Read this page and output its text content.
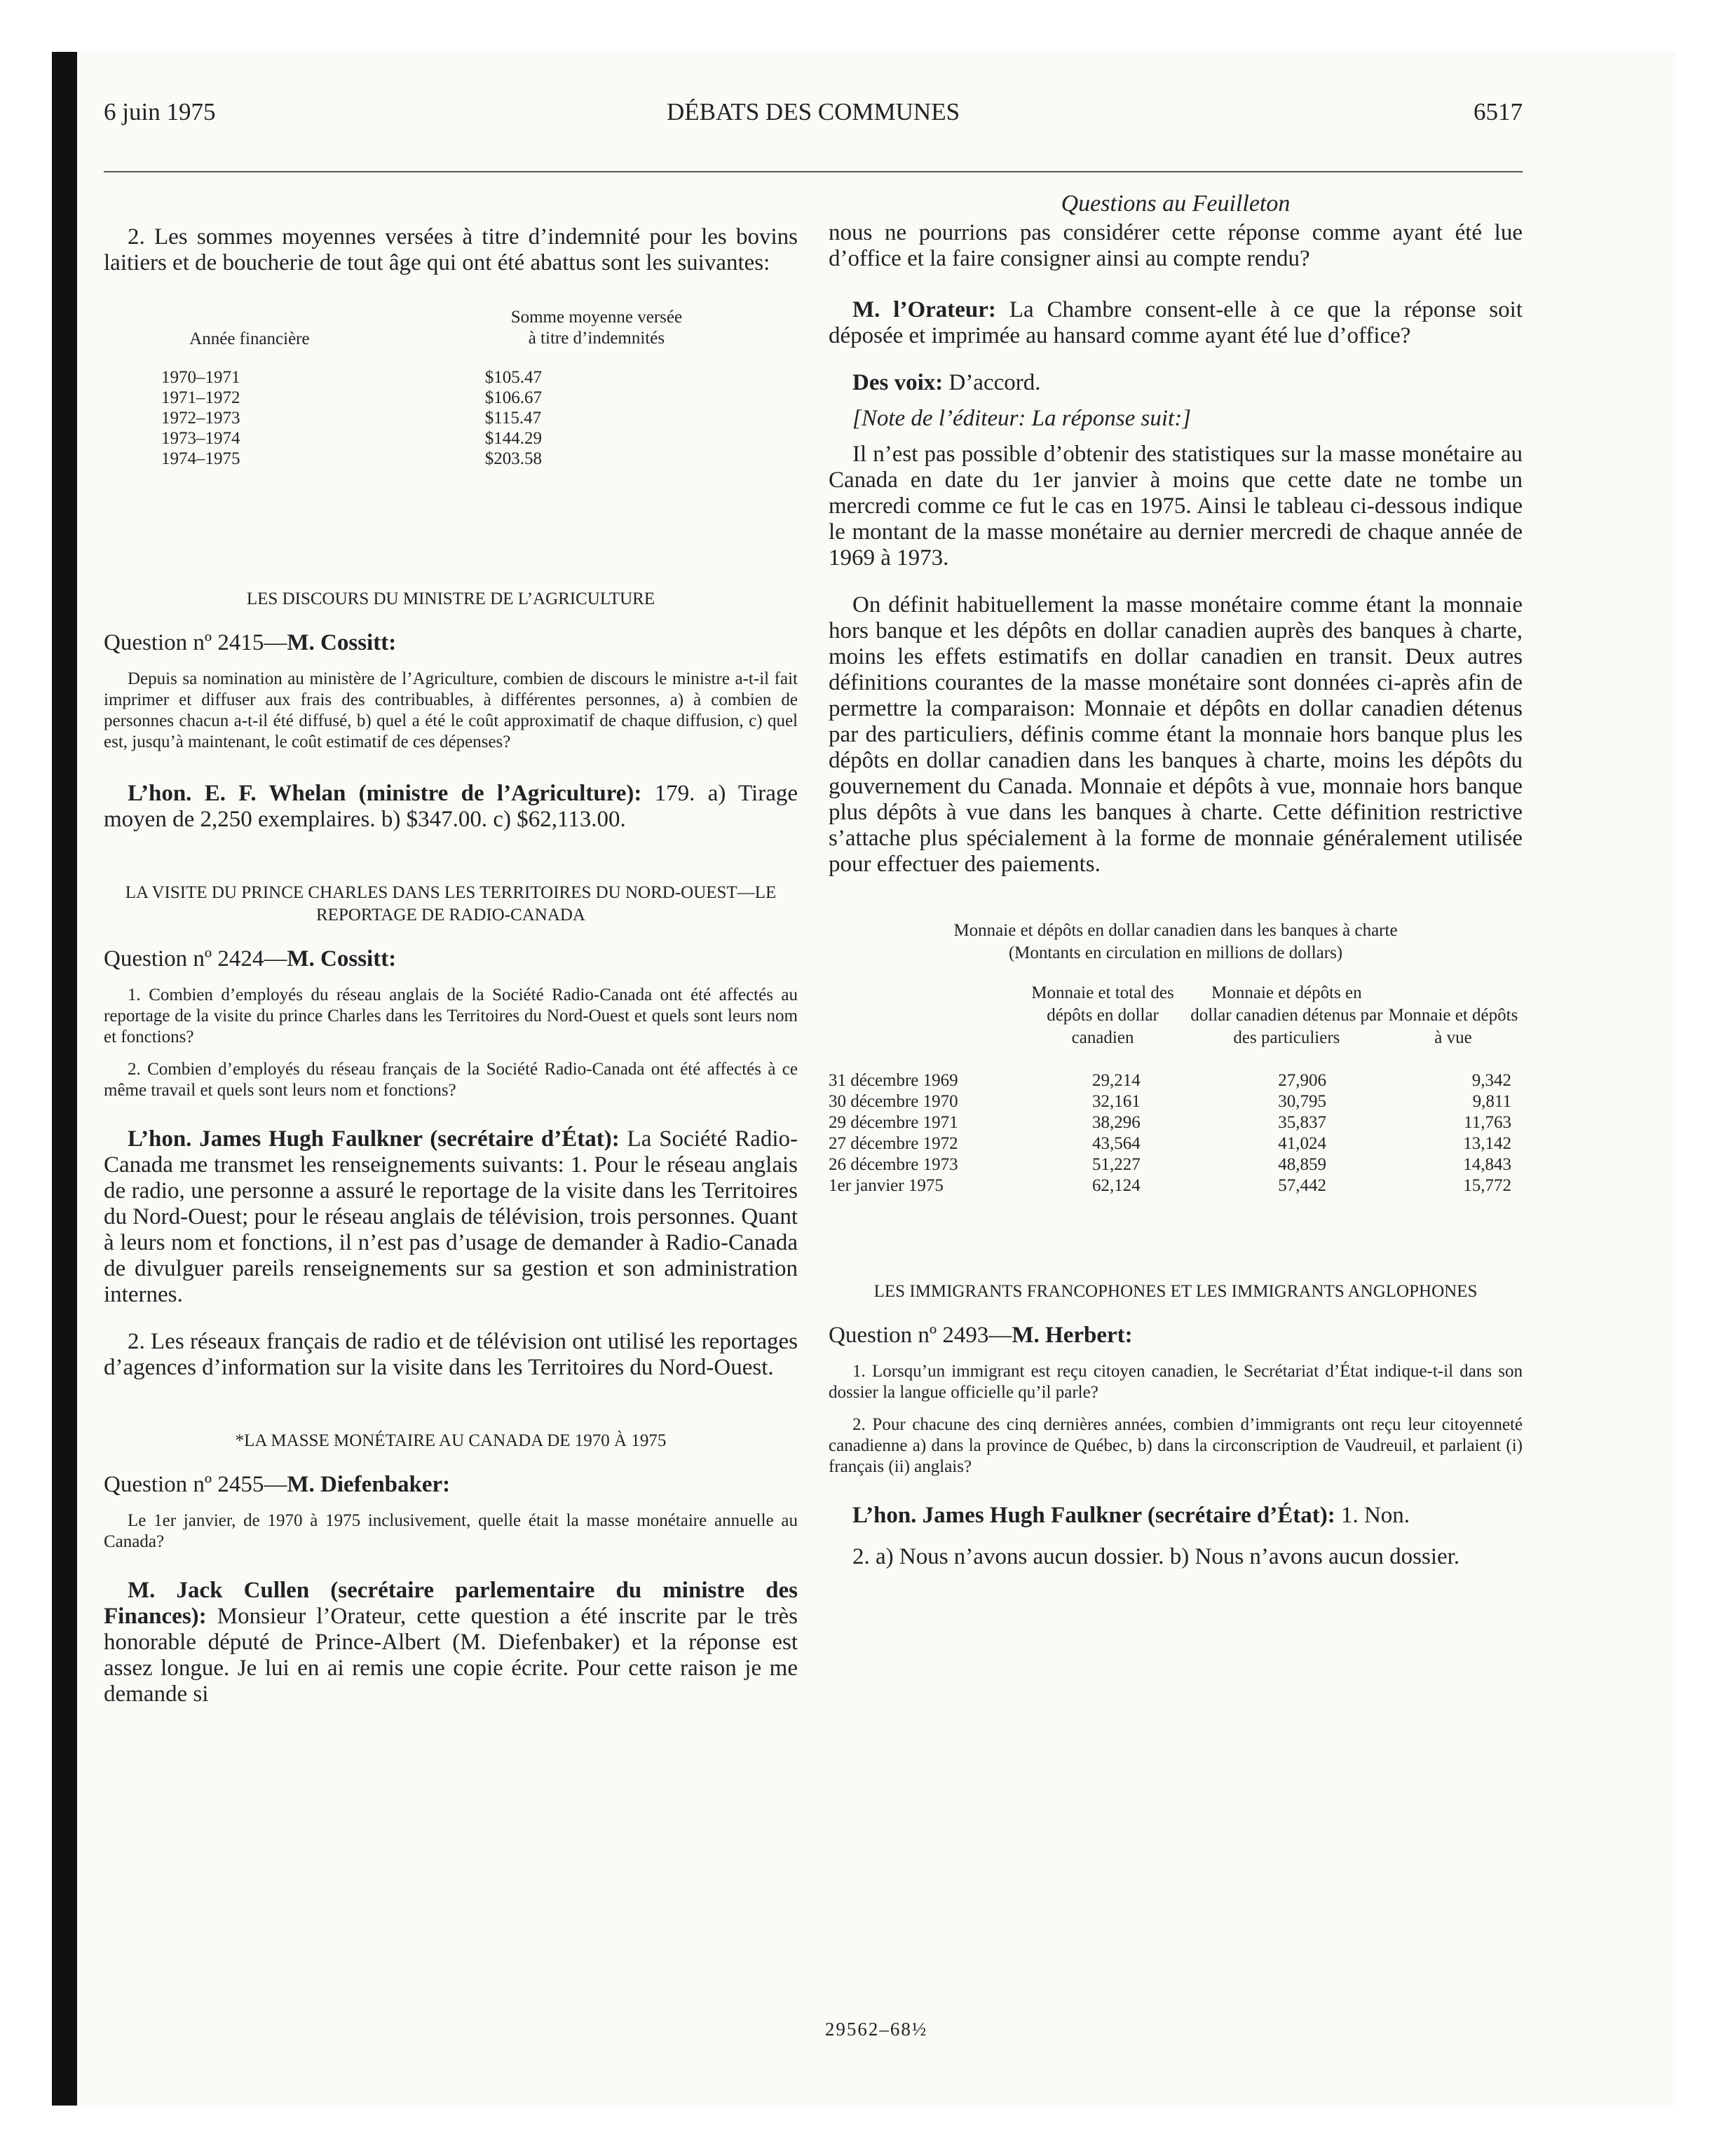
6 juin 1975	DÉBATS DES COMMUNES	6517

2. Les sommes moyennes versées à titre d’indemnité pour les bovins laitiers et de boucherie de tout âge qui ont été abattus sont les suivantes:

Année financière	
Somme moyenne versée
à titre d’indemnités
1970–1971	$105.47
1971–1972	$106.67
1972–1973	$115.47
1973–1974	$144.29
1974–1975	$203.58
LES DISCOURS DU MINISTRE DE L’AGRICULTURE
Question nº 2415—M. Cossitt:

Depuis sa nomination au ministère de l’Agriculture, combien de discours le ministre a-t-il fait imprimer et diffuser aux frais des contribuables, à différentes personnes, a) à combien de personnes chacun a-t-il été diffusé, b) quel a été le coût approximatif de chaque diffusion, c) quel est, jusqu’à maintenant, le coût estimatif de ces dépenses?

L’hon. E. F. Whelan (ministre de l’Agriculture): 179. a) Tirage moyen de 2,250 exemplaires. b) $347.00. c) $62,113.00.

LA VISITE DU PRINCE CHARLES DANS LES TERRITOIRES DU NORD-OUEST—LE REPORTAGE DE RADIO-CANADA
Question nº 2424—M. Cossitt:

1. Combien d’employés du réseau anglais de la Société Radio-Canada ont été affectés au reportage de la visite du prince Charles dans les Territoires du Nord-Ouest et quels sont leurs nom et fonctions?

2. Combien d’employés du réseau français de la Société Radio-Canada ont été affectés à ce même travail et quels sont leurs nom et fonctions?

L’hon. James Hugh Faulkner (secrétaire d’État): La Société Radio-Canada me transmet les renseignements suivants: 1. Pour le réseau anglais de radio, une personne a assuré le reportage de la visite dans les Territoires du Nord-Ouest; pour le réseau anglais de télévision, trois personnes. Quant à leurs nom et fonctions, il n’est pas d’usage de demander à Radio-Canada de divulguer pareils renseignements sur sa gestion et son administration internes.

2. Les réseaux français de radio et de télévision ont utilisé les reportages d’agences d’information sur la visite dans les Territoires du Nord-Ouest.

*LA MASSE MONÉTAIRE AU CANADA DE 1970 À 1975
Question nº 2455—M. Diefenbaker:

Le 1er janvier, de 1970 à 1975 inclusivement, quelle était la masse monétaire annuelle au Canada?

M. Jack Cullen (secrétaire parlementaire du ministre des Finances): Monsieur l’Orateur, cette question a été inscrite par le très honorable député de Prince-Albert (M. Diefenbaker) et la réponse est assez longue. Je lui en ai remis une copie écrite. Pour cette raison je me demande si

Questions au Feuilleton

nous ne pourrions pas considérer cette réponse comme ayant été lue d’office et la faire consigner ainsi au compte rendu?

M. l’Orateur: La Chambre consent-elle à ce que la réponse soit déposée et imprimée au hansard comme ayant été lue d’office?

Des voix: D’accord.

[Note de l’éditeur: La réponse suit:]

Il n’est pas possible d’obtenir des statistiques sur la masse monétaire au Canada en date du 1er janvier à moins que cette date ne tombe un mercredi comme ce fut le cas en 1975. Ainsi le tableau ci-dessous indique le montant de la masse monétaire au dernier mercredi de chaque année de 1969 à 1973.

On définit habituellement la masse monétaire comme étant la monnaie hors banque et les dépôts en dollar canadien auprès des banques à charte, moins les effets estimatifs en dollar canadien en transit. Deux autres définitions courantes de la masse monétaire sont données ci-après afin de permettre la comparaison: Monnaie et dépôts en dollar canadien détenus par des particuliers, définis comme étant la monnaie hors banque plus les dépôts en dollar canadien dans les banques à charte, moins les dépôts du gouvernement du Canada. Monnaie et dépôts à vue, monnaie hors banque plus dépôts à vue dans les banques à charte. Cette définition restrictive s’attache plus spécialement à la forme de monnaie généralement utilisée pour effectuer des paiements.

Monnaie et dépôts en dollar canadien dans les banques à charte
(Montants en circulation en millions de dollars)
	Monnaie et total des dépôts en dollar canadien	Monnaie et dépôts en dollar canadien détenus par des particuliers	Monnaie et dépôts à vue
31 décembre 1969	29,214	27,906	9,342
30 décembre 1970	32,161	30,795	9,811
29 décembre 1971	38,296	35,837	11,763
27 décembre 1972	43,564	41,024	13,142
26 décembre 1973	51,227	48,859	14,843
1er janvier 1975	62,124	57,442	15,772
LES IMMIGRANTS FRANCOPHONES ET LES IMMIGRANTS ANGLOPHONES
Question nº 2493—M. Herbert:

1. Lorsqu’un immigrant est reçu citoyen canadien, le Secrétariat d’État indique-t-il dans son dossier la langue officielle qu’il parle?

2. Pour chacune des cinq dernières années, combien d’immigrants ont reçu leur citoyenneté canadienne a) dans la province de Québec, b) dans la circonscription de Vaudreuil, et parlaient (i) français (ii) anglais?

L’hon. James Hugh Faulkner (secrétaire d’État): 1. Non.

2. a) Nous n’avons aucun dossier. b) Nous n’avons aucun dossier.

29562–68½
